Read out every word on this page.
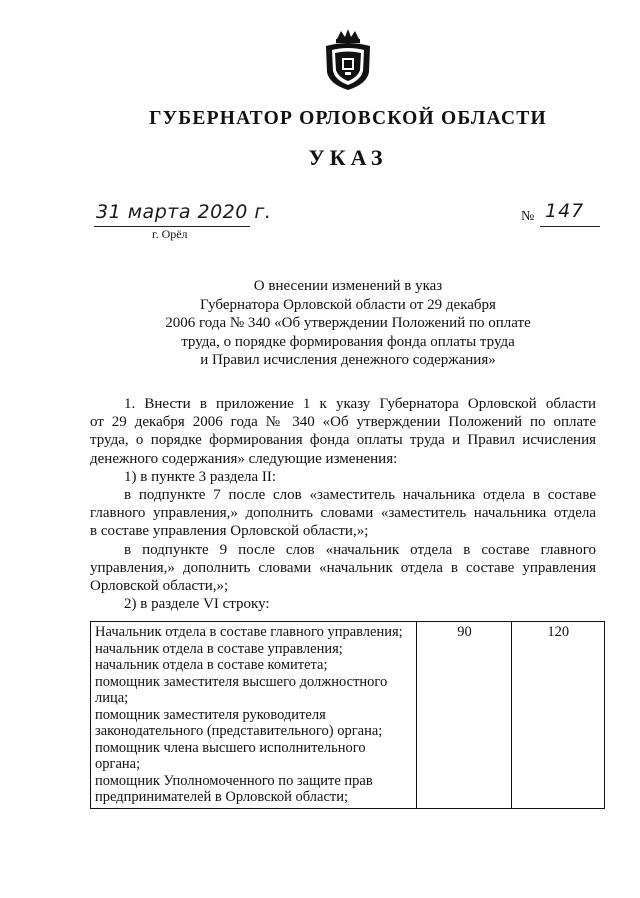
ГУБЕРНАТОР ОРЛОВСКОЙ ОБЛАСТИ
УКАЗ
31 марта 2020 г.
г. Орёл
№ 147
О внесении изменений в указ
Губернатора Орловской области от 29 декабря
2006 года № 340 «Об утверждении Положений по оплате
труда, о порядке формирования фонда оплаты труда
и Правил исчисления денежного содержания»

1. Внести в приложение 1 к указу Губернатора Орловской области
от 29 декабря 2006 года № 340 «Об утверждении Положений по оплате
труда, о порядке формирования фонда оплаты труда и Правил исчисления
денежного содержания» следующие изменения:

1) в пункте 3 раздела II:

в подпункте 7 после слов «заместитель начальника отдела в составе
главного управления,» дополнить словами «заместитель начальника отдела
в составе управления Орловской области,»;

в подпункте 9 после слов «начальник отдела в составе главного
управления,» дополнить словами «начальник отдела в составе управления
Орловской области,»;

2) в разделе VI строку:

Начальник отдела в составе главного управления;
начальник отдела в составе управления;
начальник отдела в составе комитета;
помощник заместителя высшего должностного лица;
помощник заместителя руководителя законодательного (представительного) органа;
помощник члена высшего исполнительного органа;
помощник Уполномоченного по защите прав предпринимателей в Орловской области;
	90	120
